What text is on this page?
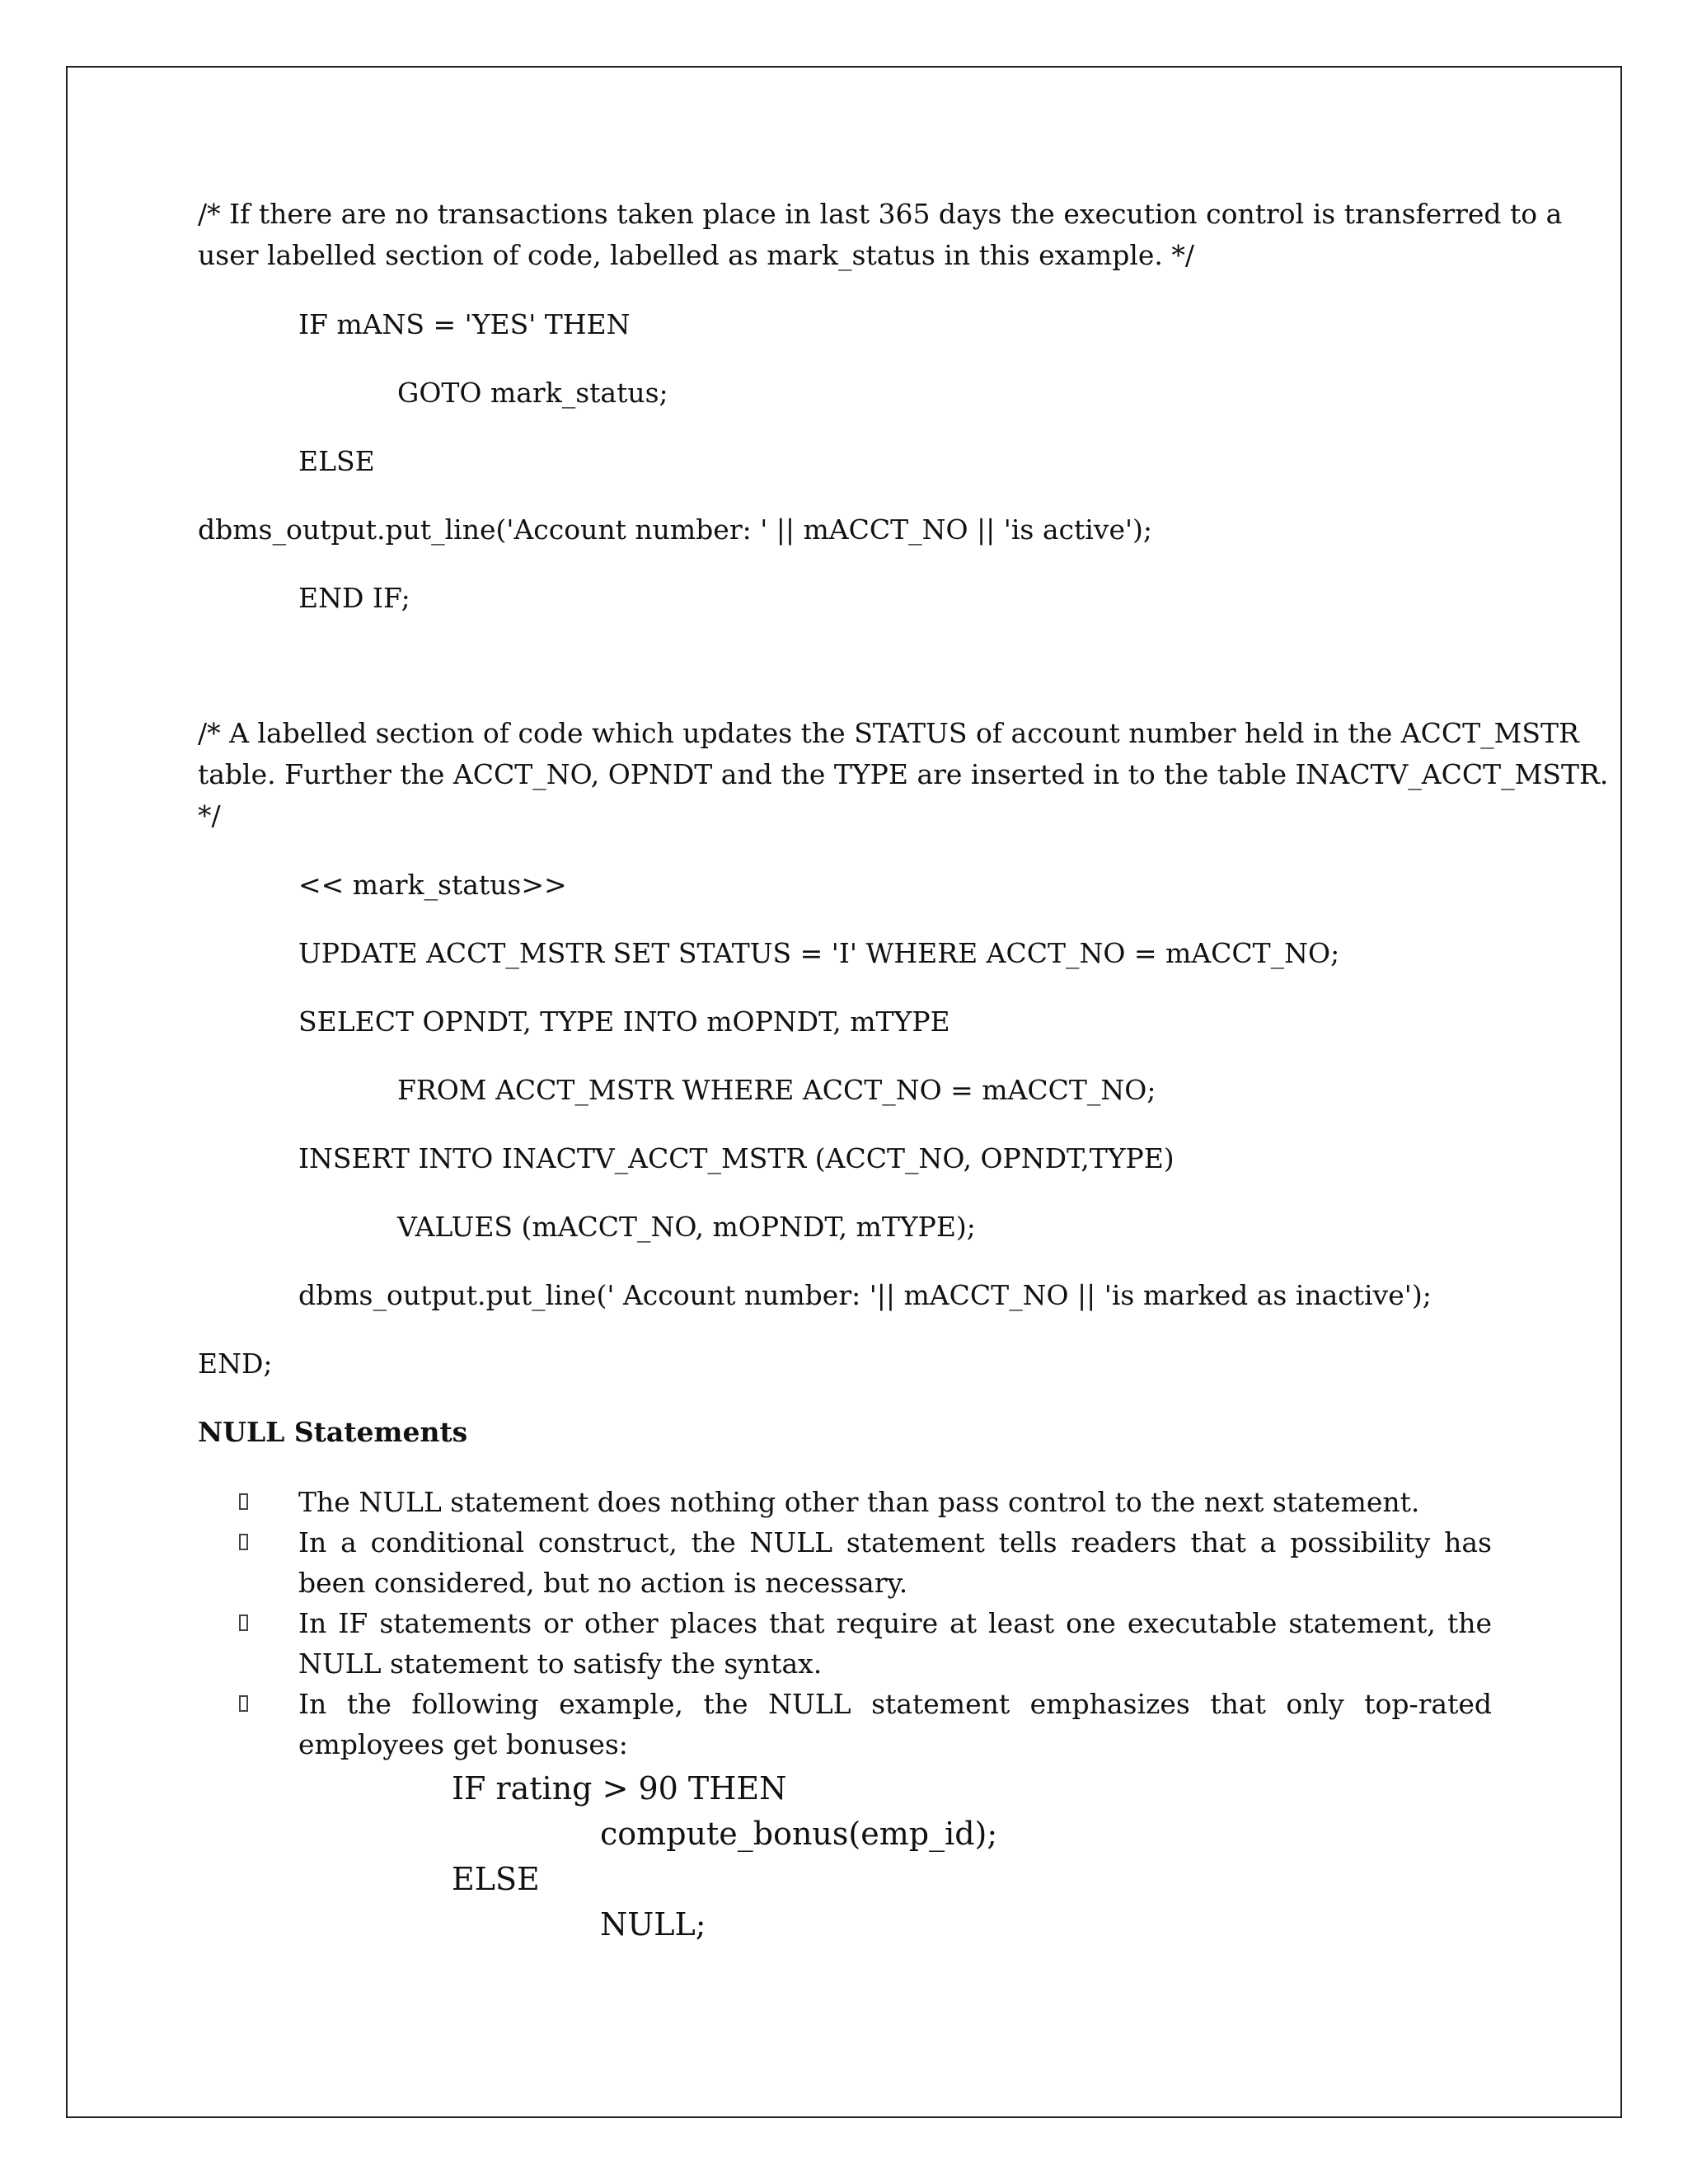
/* If there are no transactions taken place in last 365 days the execution control is transferred to a
user labelled section of code, labelled as mark_status in this example. */
IF mANS = 'YES' THEN
GOTO mark_status;
ELSE
dbms_output.put_line('Account number: ' || mACCT_NO || 'is active');
END IF;
/* A labelled section of code which updates the STATUS of account number held in the ACCT_MSTR
table. Further the ACCT_NO, OPNDT and the TYPE are inserted in to the table INACTV_ACCT_MSTR.
*/
<< mark_status>>
UPDATE ACCT_MSTR SET STATUS = 'I' WHERE ACCT_NO = mACCT_NO;
SELECT OPNDT, TYPE INTO mOPNDT, mTYPE
FROM ACCT_MSTR WHERE ACCT_NO = mACCT_NO;
INSERT INTO INACTV_ACCT_MSTR (ACCT_NO, OPNDT,TYPE)
VALUES (mACCT_NO, mOPNDT, mTYPE);
dbms_output.put_line(' Account number: '|| mACCT_NO || 'is marked as inactive');
END;
NULL Statements
The NULL statement does nothing other than pass control to the next statement.
In a conditional construct, the NULL statement tells readers that a possibility has been considered, but no action is necessary.
In IF statements or other places that require at least one executable statement, the NULL statement to satisfy the syntax.
In the following example, the NULL statement emphasizes that only top-rated employees get bonuses:
IF rating > 90 THEN
compute_bonus(emp_id);
ELSE
NULL;
